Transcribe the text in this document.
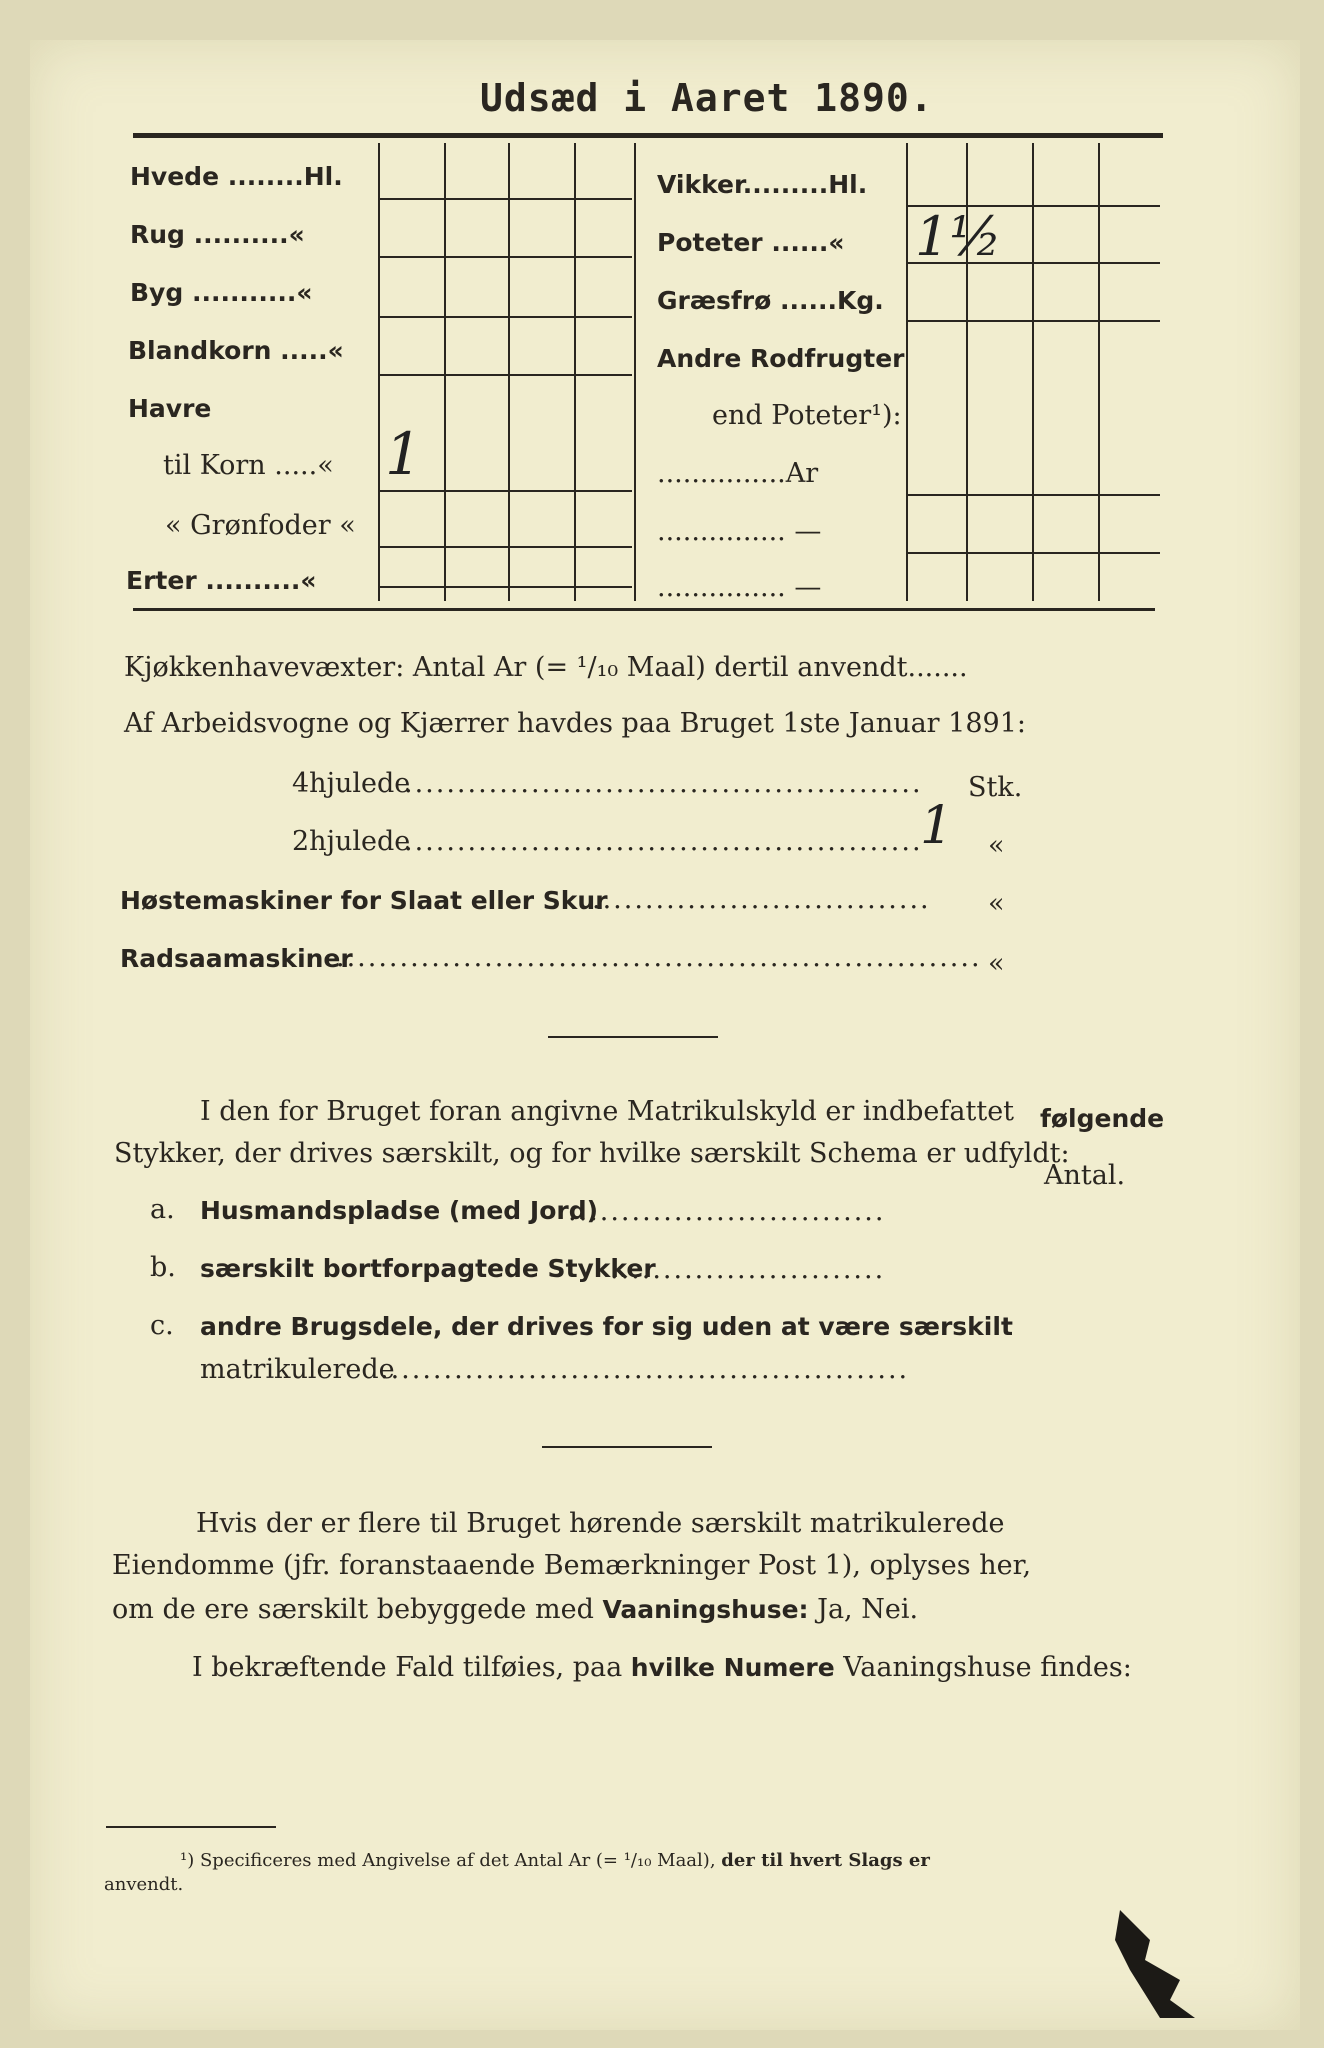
Udsæd i Aaret 1890.
Hvede ........Hl.
Rug ..........«
Byg ...........«
Blandkorn .....«
Havre
til Korn .....«
« Grønfoder «
Erter ..........«
1
Vikker.........Hl.
Poteter ......«
Græsfrø ......Kg.
Andre Rodfrugter
end Poteter¹):
...............Ar
............... —
............... —
1½
Kjøkkenhavevæxter: Antal Ar (= ¹/₁₀ Maal) dertil anvendt.......
Af Arbeidsvogne og Kjærrer havdes paa Bruget 1ste Januar 1891:
4hjulede
................................................. Stk.
2hjulede
.................................................
1 «
Høstemaskiner for Slaat eller Skur
................................ «
Radsaamaskiner
............................................................. «
I den for Bruget foran angivne Matrikulskyld er indbefattet følgende
Stykker, der drives særskilt, og for hvilke særskilt Schema er udfyldt:
Antal.
a. Husmandspladse (med Jord)
..............................
b. særskilt bortforpagtede Stykker
..........................
c. andre Brugsdele, der drives for sig uden at være særskilt
matrikulerede
..................................................
Hvis der er flere til Bruget hørende særskilt matrikulerede
Eiendomme (jfr. foranstaaende Bemærkninger Post 1), oplyses her,
om de ere særskilt bebyggede med Vaaningshuse: Ja, Nei.
I bekræftende Fald tilføies, paa hvilke Numere Vaaningshuse findes:
¹) Specificeres med Angivelse af det Antal Ar (= ¹/₁₀ Maal), der til hvert Slags er
anvendt.
